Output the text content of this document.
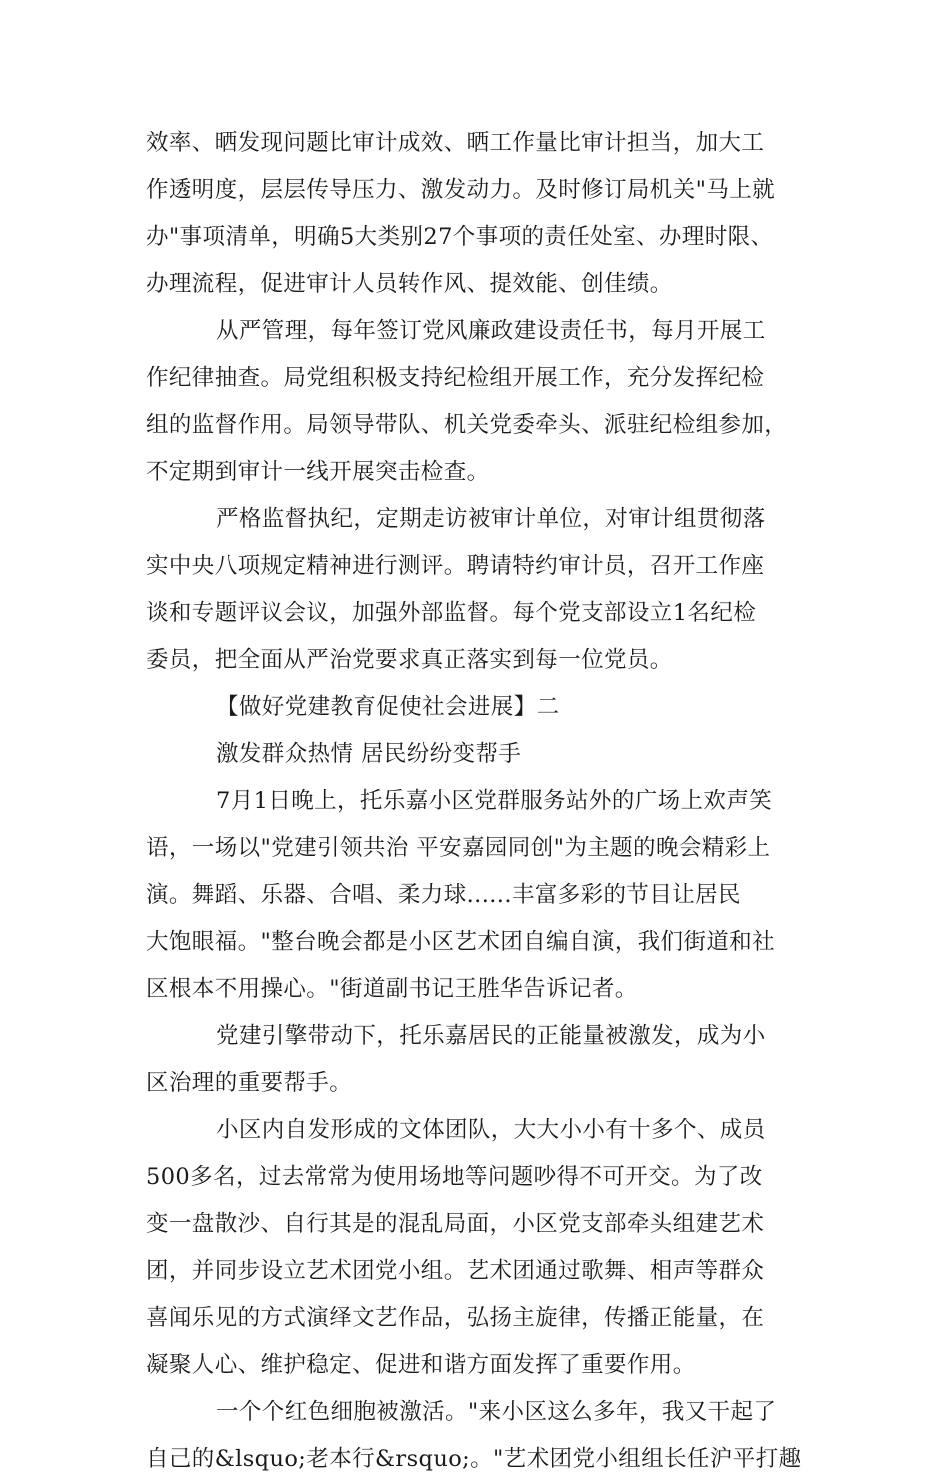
效率、晒发现问题比审计成效、晒工作量比审计担当，加大工
作透明度，层层传导压力、激发动力。及时修订局机关"马上就
办"事项清单，明确5大类别27个事项的责任处室、办理时限、
办理流程，促进审计人员转作风、提效能、创佳绩。
从严管理，每年签订党风廉政建设责任书，每月开展工
作纪律抽查。局党组积极支持纪检组开展工作，充分发挥纪检
组的监督作用。局领导带队、机关党委牵头、派驻纪检组参加，
不定期到审计一线开展突击检查。
严格监督执纪，定期走访被审计单位，对审计组贯彻落
实中央八项规定精神进行测评。聘请特约审计员，召开工作座
谈和专题评议会议，加强外部监督。每个党支部设立1名纪检
委员，把全面从严治党要求真正落实到每一位党员。
【做好党建教育促使社会进展】二
激发群众热情 居民纷纷变帮手
7月1日晚上，托乐嘉小区党群服务站外的广场上欢声笑
语，一场以"党建引领共治 平安嘉园同创"为主题的晚会精彩上
演。舞蹈、乐器、合唱、柔力球......丰富多彩的节目让居民
大饱眼福。"整台晚会都是小区艺术团自编自演，我们街道和社
区根本不用操心。"街道副书记王胜华告诉记者。
党建引擎带动下，托乐嘉居民的正能量被激发，成为小
区治理的重要帮手。
小区内自发形成的文体团队，大大小小有十多个、成员
500多名，过去常常为使用场地等问题吵得不可开交。为了改
变一盘散沙、自行其是的混乱局面，小区党支部牵头组建艺术
团，并同步设立艺术团党小组。艺术团通过歌舞、相声等群众
喜闻乐见的方式演绎文艺作品，弘扬主旋律，传播正能量，在
凝聚人心、维护稳定、促进和谐方面发挥了重要作用。
一个个红色细胞被激活。"来小区这么多年，我又干起了
自己的&lsquo;老本行&rsquo;。"艺术团党小组组长任沪平打趣
